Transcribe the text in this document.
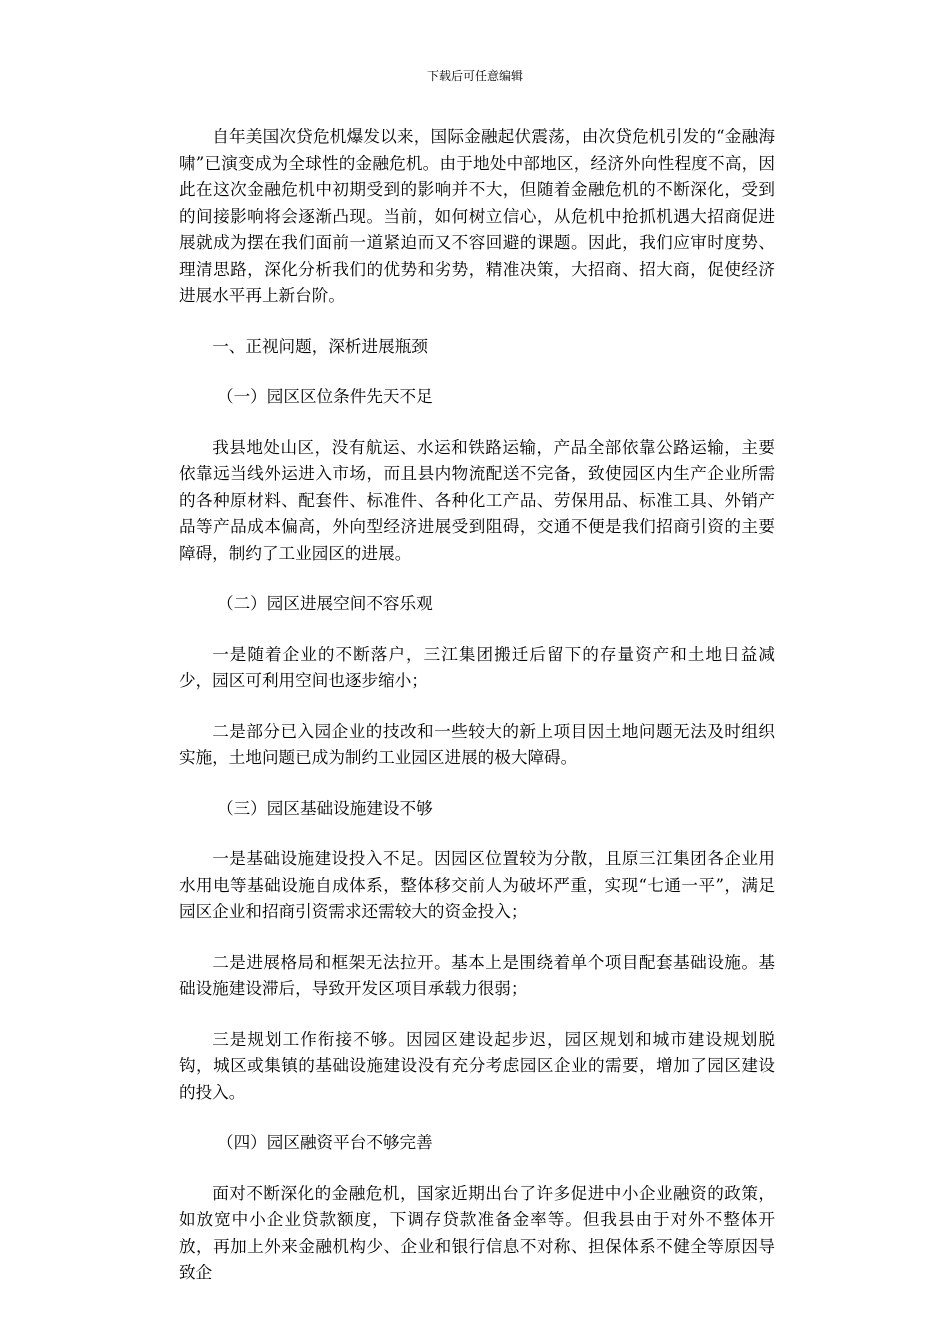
下载后可任意编辑

自年美国次贷危机爆发以来，国际金融起伏震荡，由次贷危机引发的“金融海啸”已演变成为全球性的金融危机。由于地处中部地区，经济外向性程度不高，因此在这次金融危机中初期受到的影响并不大，但随着金融危机的不断深化，受到的间接影响将会逐渐凸现。当前，如何树立信心，从危机中抢抓机遇大招商促进展就成为摆在我们面前一道紧迫而又不容回避的课题。因此，我们应审时度势、理清思路，深化分析我们的优势和劣势，精准决策，大招商、招大商，促使经济进展水平再上新台阶。

一、正视问题，深析进展瓶颈

（一）园区区位条件先天不足

我县地处山区，没有航运、水运和铁路运输，产品全部依靠公路运输，主要依靠远当线外运进入市场，而且县内物流配送不完备，致使园区内生产企业所需的各种原材料、配套件、标准件、各种化工产品、劳保用品、标准工具、外销产品等产品成本偏高，外向型经济进展受到阻碍，交通不便是我们招商引资的主要障碍，制约了工业园区的进展。

（二）园区进展空间不容乐观

一是随着企业的不断落户，三江集团搬迁后留下的存量资产和土地日益减少，园区可利用空间也逐步缩小；

二是部分已入园企业的技改和一些较大的新上项目因土地问题无法及时组织实施，土地问题已成为制约工业园区进展的极大障碍。

（三）园区基础设施建设不够

一是基础设施建设投入不足。因园区位置较为分散，且原三江集团各企业用水用电等基础设施自成体系，整体移交前人为破坏严重，实现“七通一平”，满足园区企业和招商引资需求还需较大的资金投入；

二是进展格局和框架无法拉开。基本上是围绕着单个项目配套基础设施。基础设施建设滞后，导致开发区项目承载力很弱；

三是规划工作衔接不够。因园区建设起步迟，园区规划和城市建设规划脱钩，城区或集镇的基础设施建设没有充分考虑园区企业的需要，增加了园区建设的投入。

（四）园区融资平台不够完善

面对不断深化的金融危机，国家近期出台了许多促进中小企业融资的政策，如放宽中小企业贷款额度，下调存贷款准备金率等。但我县由于对外不整体开放，再加上外来金融机构少、企业和银行信息不对称、担保体系不健全等原因导致企
